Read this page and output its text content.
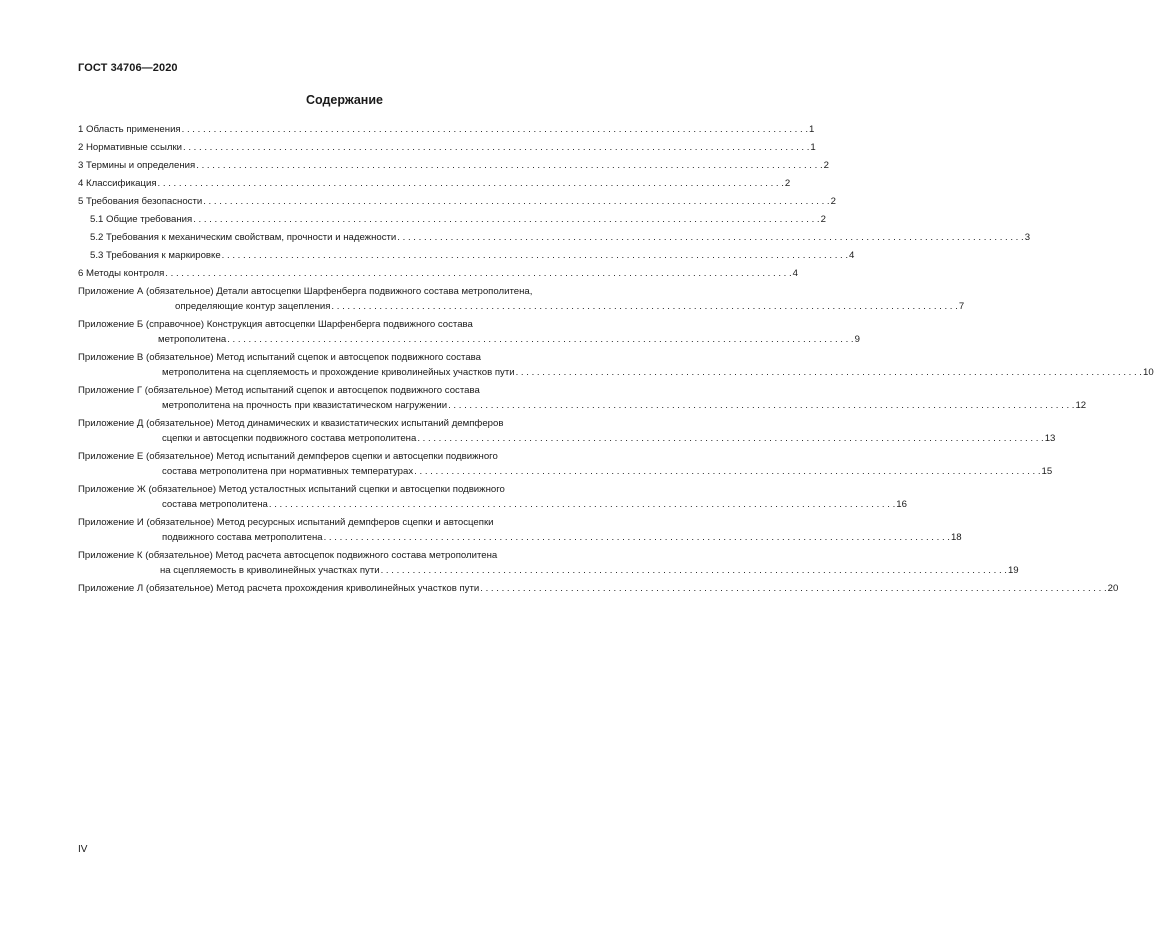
ГОСТ 34706—2020
Содержание
1 Область применения . . .	1
2 Нормативные ссылки . . .	1
3 Термины и определения . . .	2
4 Классификация . . .	2
5 Требования безопасности . . .	2
5.1 Общие требования . . .	2
5.2 Требования к механическим свойствам, прочности и надежности . . .	3
5.3 Требования к маркировке . . .	4
6 Методы контроля . . .	4
Приложение А (обязательное) Детали автосцепки Шарфенберга подвижного состава метрополитена,
определяющие контур зацепления . . .	7
Приложение Б (справочное) Конструкция автосцепки Шарфенберга подвижного состава
метрополитена . . .	9
Приложение В (обязательное) Метод испытаний сцепок и автосцепок подвижного состава
метрополитена на сцепляемость и прохождение криволинейных участков пути . . .	10
Приложение Г (обязательное) Метод испытаний сцепок и автосцепок подвижного состава
метрополитена на прочность при квазистатическом нагружении . . .	12
Приложение Д (обязательное) Метод динамических и квазистатических испытаний демпферов
сцепки и автосцепки подвижного состава метрополитена . . .	13
Приложение Е (обязательное) Метод испытаний демпферов сцепки и автосцепки подвижного
состава метрополитена при нормативных температурах . . .	15
Приложение Ж (обязательное) Метод усталостных испытаний сцепки и автосцепки подвижного
состава метрополитена . . .	16
Приложение И (обязательное) Метод ресурсных испытаний демпферов сцепки и автосцепки
подвижного состава метрополитена . . .	18
Приложение К (обязательное) Метод расчета автосцепок подвижного состава метрополитена
на сцепляемость в криволинейных участках пути . . .	19
Приложение Л (обязательное) Метод расчета прохождения криволинейных участков пути . . .	20
IV
